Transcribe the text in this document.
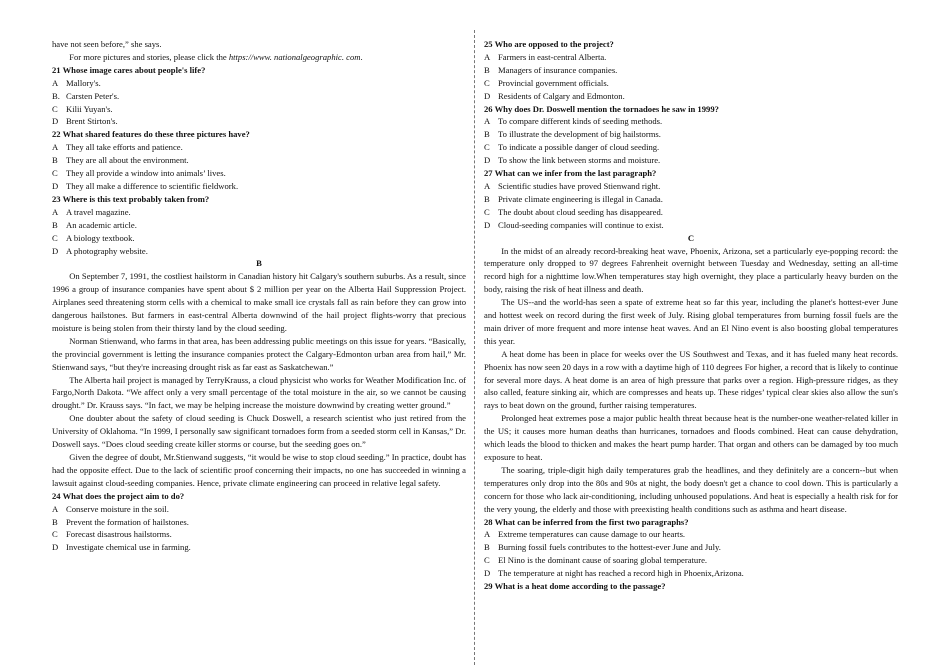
have not seen before,” she says.
For more pictures and stories, please click the https://www. nationalgeographic. com.
21 Whose image cares about people's life?
A Mallory's.
B. Carsten Peter's.
C Kilii Yuyan's.
D Brent Stirton's.
22 What shared features do these three pictures have?
A They all take efforts and patience.
B They are all about the environment.
C They all provide a window into animals’ lives.
D They all make a difference to scientific fieldwork.
23 Where is this text probably taken from?
A A travel magazine.
B An academic article.
C A biology textbook.
D A photography website.
B
On September 7, 1991, the costliest hailstorm in Canadian history hit Calgary's southern suburbs. As a result, since 1996 a group of insurance companies have spent about $ 2 million per year on the Alberta Hail Suppression Project. Airplanes seed threatening storm cells with a chemical to make small ice crystals fall as rain before they can grow into dangerous hailstones. But farmers in east-central Alberta downwind of the hail project flights-worry that precious moisture is being stolen from their thirsty land by the cloud seeding.
Norman Stienwand, who farms in that area, has been addressing public meetings on this issue for years. “Basically, the provincial government is letting the insurance companies protect the Calgary-Edmonton urban area from hail,” Mr. Stienwand says, “but they're increasing drought risk as far east as Saskatchewan.”
The Alberta hail project is managed by TerryKrauss, a cloud physicist who works for Weather Modification Inc. of Fargo,North Dakota. “We affect only a very small percentage of the total moisture in the air, so we cannot be causing drought.” Dr. Krauss says. “In fact, we may be helping increase the moisture downwind by creating wetter ground.”
One doubter about the safety of cloud seeding is Chuck Doswell, a research scientist who just retired from the University of Oklahoma. “In 1999, I personally saw significant tornadoes form from a seeded storm cell in Kansas,” Dr. Doswell says. “Does cloud seeding create killer storms or course, but the seeding goes on.”
Given the degree of doubt, Mr.Stienwand suggests, “it would be wise to stop cloud seeding.” In practice, doubt has had the opposite effect. Due to the lack of scientific proof concerning their impacts, no one has succeeded in winning a lawsuit against cloud-seeding companies. Hence, private climate engineering can proceed in relative legal safety.
24 What does the project aim to do?
A Conserve moisture in the soil.
B Prevent the formation of hailstones.
C Forecast disastrous hailstorms.
D Investigate chemical use in farming.
25 Who are opposed to the project?
A Farmers in east-central Alberta.
B Managers of insurance companies.
C Provincial government officials.
D Residents of Calgary and Edmonton.
26 Why does Dr. Doswell mention the tornadoes he saw in 1999?
A To compare different kinds of seeding methods.
B To illustrate the development of big hailstorms.
C To indicate a possible danger of cloud seeding.
D To show the link between storms and moisture.
27 What can we infer from the last paragraph?
A Scientific studies have proved Stienwand right.
B Private climate engineering is illegal in Canada.
C The doubt about cloud seeding has disappeared.
D Cloud-seeding companies will continue to exist.
C
In the midst of an already record-breaking heat wave, Phoenix, Arizona, set a particularly eye-popping record: the temperature only dropped to 97 degrees Fahrenheit overnight between Tuesday and Wednesday, setting an all-time record high for a nighttime low.When temperatures stay high overnight, they place a particularly heavy burden on the body, raising the risk of heat illness and death.
The US--and the world-has seen a spate of extreme heat so far this year, including the planet's hottest-ever June and hottest week on record during the first week of July. Rising global temperatures from burning fossil fuels are the main driver of more frequent and more intense heat waves. And an El Nino event is also boosting global temperatures this year.
A heat dome has been in place for weeks over the US Southwest and Texas, and it has fueled many heat records. Phoenix has now seen 20 days in a row with a daytime high of 110 degrees For higher, a record that is likely to continue for several more days. A heat dome is an area of high pressure that parks over a region. High-pressure ridges, as they also called, feature sinking air, which are compresses and heats up. These ridges’ typical clear skies also allow the sun's rays to beat down on the ground, further raising temperatures.
Prolonged heat extremes pose a major public health threat because heat is the number-one weather-related killer in the US; it causes more human deaths than hurricanes, tornadoes and floods combined. Heat can cause dehydration, which leads the blood to thicken and makes the heart pump harder. That organ and others can be damaged by too much exposure to heat.
The soaring, triple-digit high daily temperatures grab the headlines, and they definitely are a concern--but when temperatures only drop into the 80s and 90s at night, the body doesn't get a chance to cool down. This is particularly a concern for those who lack air-conditioning, including unhoused populations. And heat is especially a health risk for for the very young, the elderly and those with preexisting health conditions such as asthma and heart disease.
28 What can be inferred from the first two paragraphs?
A Extreme temperatures can cause damage to our hearts.
B Burning fossil fuels contributes to the hottest-ever June and July.
C El Nino is the dominant cause of soaring global temperature.
D The temperature at night has reached a record high in Phoenix,Arizona.
29 What is a heat dome according to the passage?
